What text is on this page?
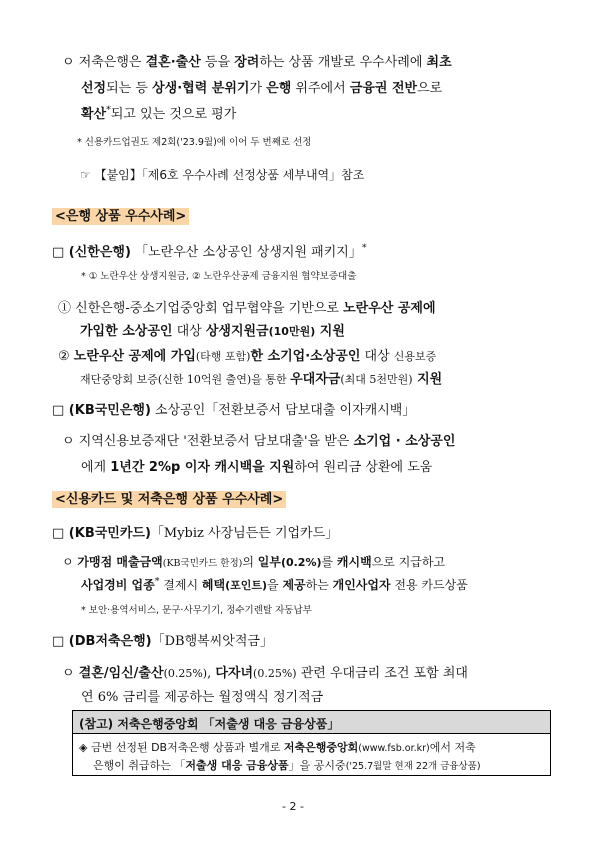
ㅇ 저축은행은 결혼·출산 등을 장려하는 상품 개발로 우수사례에 최초
선정되는 등 상생·협력 분위기가 은행 위주에서 금융권 전반으로
확산*되고 있는 것으로 평가
* 신용카드업권도 제2회('23.9월)에 이어 두 번째로 선정
☞ 【붙임】「제6호 우수사례 선정상품 세부내역」참조
<은행 상품 우수사례>
□ (신한은행) 「노란우산 소상공인 상생지원 패키지」*
* ① 노란우산 상생지원금, ② 노란우산공제 금융지원 협약보증대출
① 신한은행-중소기업중앙회 업무협약을 기반으로 노란우산 공제에
가입한 소상공인 대상 상생지원금(10만원) 지원
② 노란우산 공제에 가입(타행 포함)한 소기업·소상공인 대상 신용보증
재단중앙회 보증(신한 10억원 출연)을 통한 우대자금(최대 5천만원) 지원
□ (KB국민은행) 소상공인「전환보증서 담보대출 이자캐시백」
ㅇ 지역신용보증재단 '전환보증서 담보대출'을 받은 소기업 · 소상공인
에게 1년간 2%p 이자 캐시백을 지원하여 원리금 상환에 도움
<신용카드 및 저축은행 상품 우수사례>
□ (KB국민카드)「Mybiz 사장님든든 기업카드」
ㅇ 가맹점 매출금액(KB국민카드 한정)의 일부(0.2%)를 캐시백으로 지급하고
사업경비 업종* 결제시 혜택(포인트)을 제공하는 개인사업자 전용 카드상품
* 보안·용역서비스, 문구·사무기기, 정수기렌탈 자동납부
□ (DB저축은행)「DB행복씨앗적금」
ㅇ 결혼/임신/출산(0.25%), 다자녀(0.25%) 관련 우대금리 조건 포함 최대
연 6% 금리를 제공하는 월정액식 정기적금
(참고) 저축은행중앙회 「저출생 대응 금융상품」
◈ 금번 선정된 DB저축은행 상품과 별개로 저축은행중앙회(www.fsb.or.kr)에서 저축
은행이 취급하는 「저출생 대응 금융상품」을 공시중('25.7월말 현재 22개 금융상품)
- 2 -
